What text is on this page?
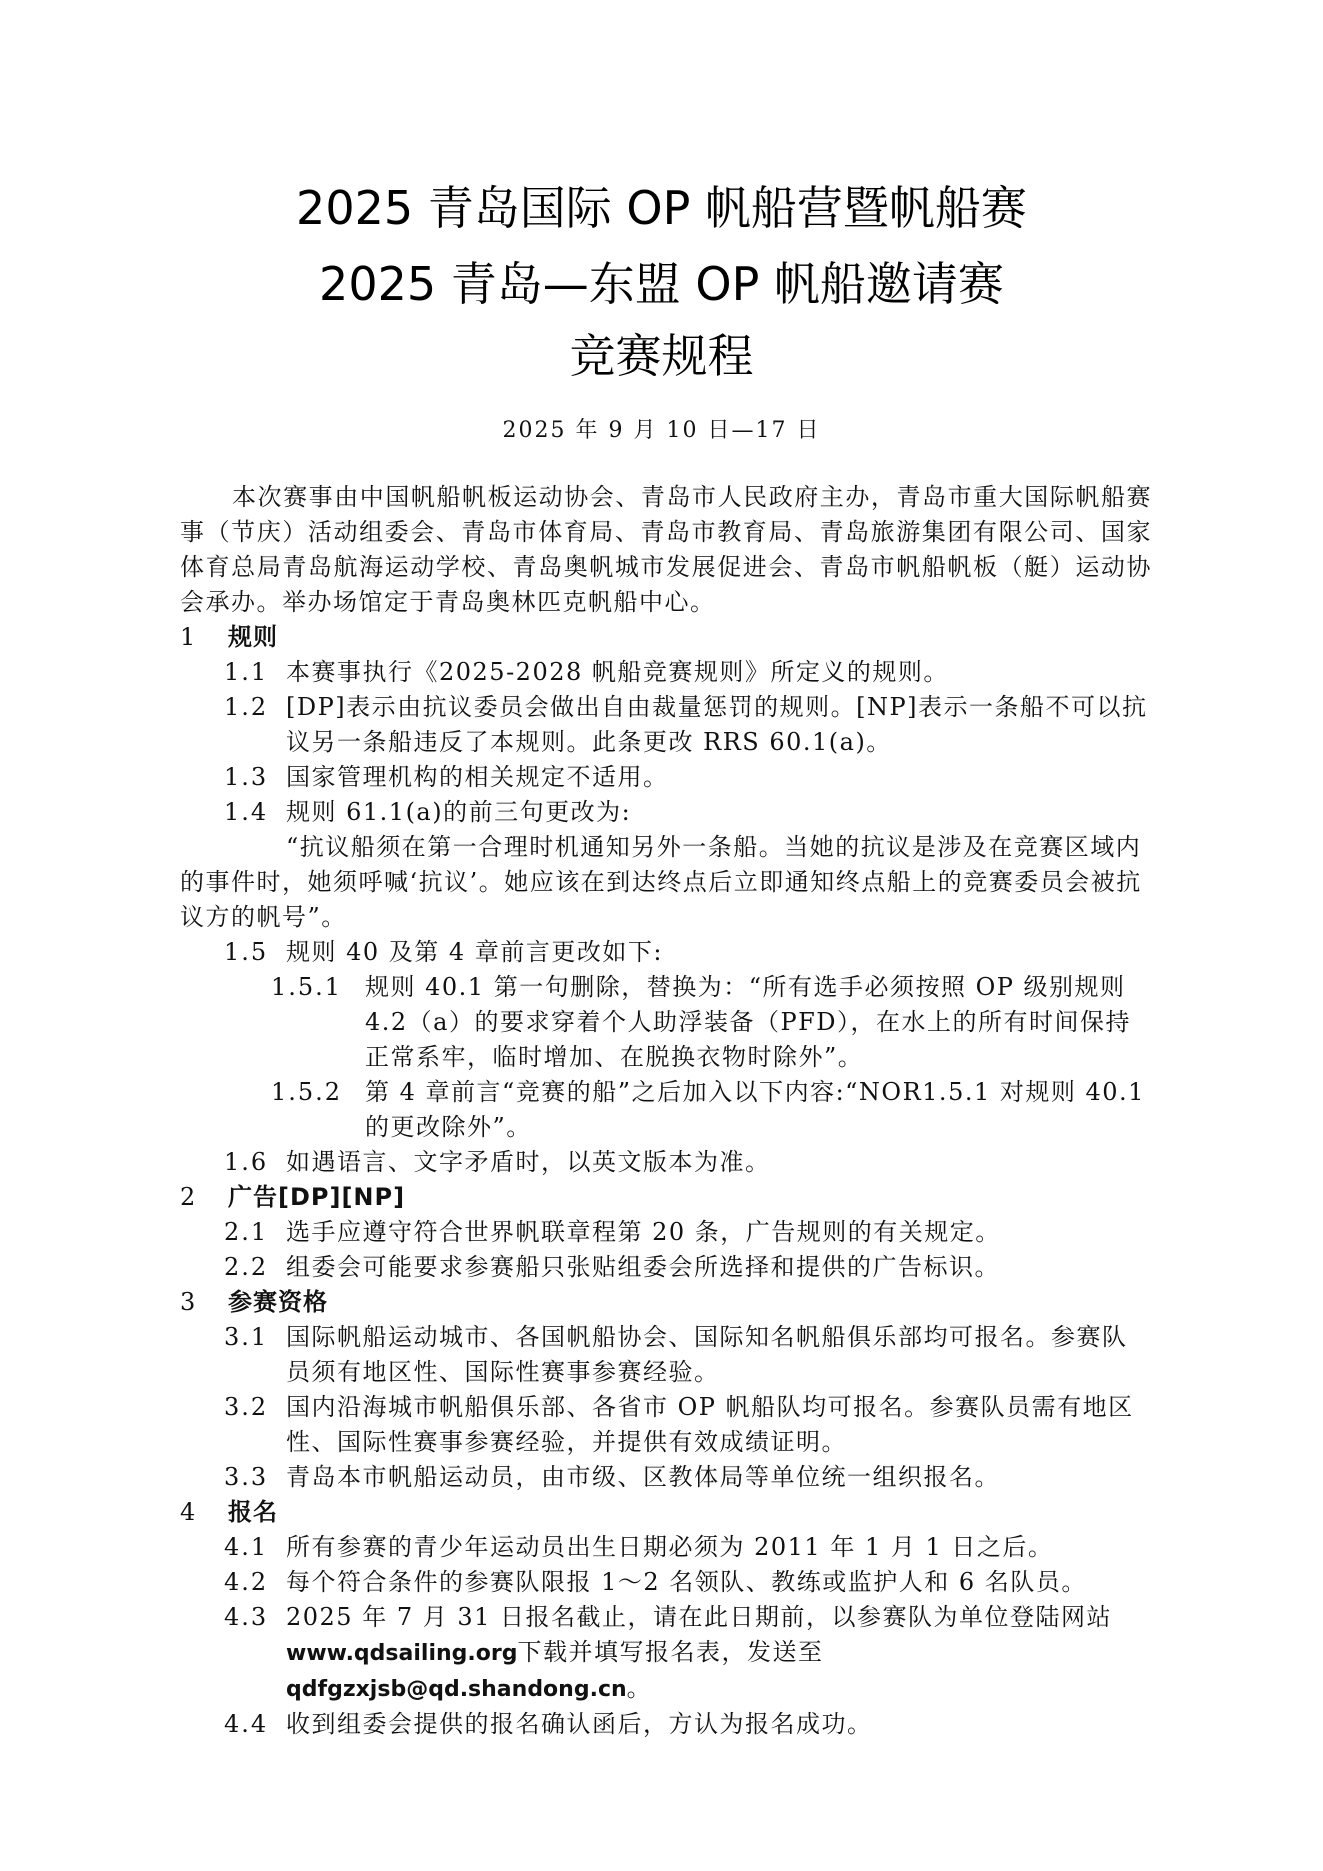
2025 青岛国际 OP 帆船营暨帆船赛
2025 青岛—东盟 OP 帆船邀请赛
竞赛规程
2025 年 9 月 10 日—17 日

本次赛事由中国帆船帆板运动协会、青岛市人民政府主办，青岛市重大国际帆船赛事（节庆）活动组委会、青岛市体育局、青岛市教育局、青岛旅游集团有限公司、国家体育总局青岛航海运动学校、青岛奥帆城市发展促进会、青岛市帆船帆板（艇）运动协会承办。举办场馆定于青岛奥林匹克帆船中心。

1	规则
1.1 本赛事执行《2025-2028 帆船竞赛规则》所定义的规则。
1.2 [DP]表示由抗议委员会做出自由裁量惩罚的规则。[NP]表示一条船不可以抗议另一条船违反了本规则。此条更改 RRS 60.1(a)。
1.3 国家管理机构的相关规定不适用。
1.4 规则 61.1(a)的前三句更改为:

“抗议船须在第一合理时机通知另外一条船。当她的抗议是涉及在竞赛区域内的事件时，她须呼喊‘抗议’。她应该在到达终点后立即通知终点船上的竞赛委员会被抗议方的帆号”。

1.5 规则 40 及第 4 章前言更改如下:
1.5.1 规则 40.1 第一句删除，替换为：“所有选手必须按照 OP 级别规则 4.2（a）的要求穿着个人助浮装备（PFD），在水上的所有时间保持正常系牢，临时增加、在脱换衣物时除外”。
1.5.2 第 4 章前言“竞赛的船”之后加入以下内容:“NOR1.5.1 对规则 40.1 的更改除外”。
1.6 如遇语言、文字矛盾时，以英文版本为准。
2	广告[DP][NP]
2.1 选手应遵守符合世界帆联章程第 20 条，广告规则的有关规定。
2.2 组委会可能要求参赛船只张贴组委会所选择和提供的广告标识。
3	参赛资格
3.1 国际帆船运动城市、各国帆船协会、国际知名帆船俱乐部均可报名。参赛队员须有地区性、国际性赛事参赛经验。
3.2 国内沿海城市帆船俱乐部、各省市 OP 帆船队均可报名。参赛队员需有地区性、国际性赛事参赛经验，并提供有效成绩证明。
3.3 青岛本市帆船运动员，由市级、区教体局等单位统一组织报名。
4	报名
4.1 所有参赛的青少年运动员出生日期必须为 2011 年 1 月 1 日之后。
4.2 每个符合条件的参赛队限报 1～2 名领队、教练或监护人和 6 名队员。
4.3 2025 年 7 月 31 日报名截止，请在此日期前，以参赛队为单位登陆网站www.qdsailing.org下载并填写报名表，发送至 qdfgzxjsb@qd.shandong.cn。
4.4 收到组委会提供的报名确认函后，方认为报名成功。
